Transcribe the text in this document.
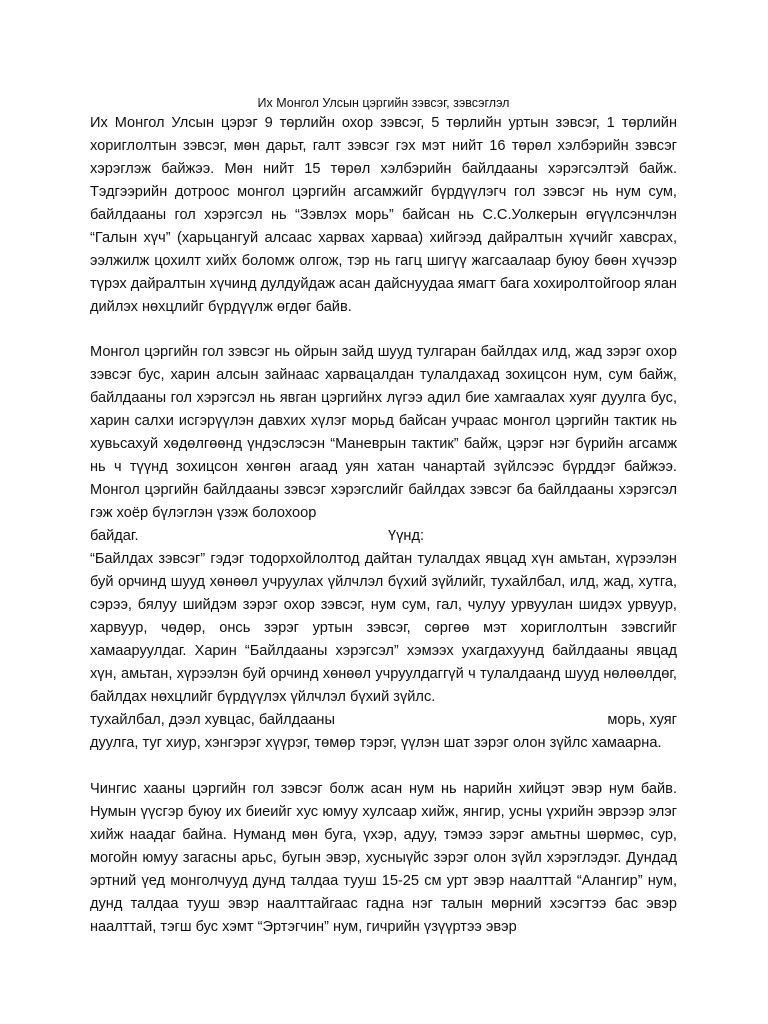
Их Монгол Улсын цэргийн зэвсэг, зэвсэглэл

Их Монгол Улсын цэрэг 9 төрлийн охор зэвсэг, 5 төрлийн уртын зэвсэг, 1 төрлийн хориглолтын зэвсэг, мөн дарьт, галт зэвсэг гэх мэт нийт 16 төрөл хэлбэрийн зэвсэг хэрэглэж байжээ. Мөн нийт 15 төрөл хэлбэрийн байлдааны хэрэгсэлтэй байж. Тэдгээрийн дотроос монгол цэргийн агсамжийг бүрдүүлэгч гол зэвсэг нь нум сум, байлдааны гол хэрэгсэл нь “Зэвлэх морь” байсан нь С.С.Уолкерын өгүүлсэнчлэн “Галын хүч” (харьцангуй алсаас харвах харваа) хийгээд дайралтын хүчийг хавсрах, ээлжилж цохилт хийх боломж олгож, тэр нь гагц шигүү жагсаалаар буюу бөөн хүчээр түрэх дайралтын хүчинд дулдуйдаж асан дайснуудаа ямагт бага хохиролтойгоор ялан дийлэх нөхцлийг бүрдүүлж өгдөг байв.

Монгол цэргийн гол зэвсэг нь ойрын зайд шууд тулгаран байлдах илд, жад зэрэг охор зэвсэг бус, харин алсын зайнаас харвацалдан тулалдахад зохицсон нум, сум байж, байлдааны гол хэрэгсэл нь явган цэргийнх лүгээ адил бие хамгаалах хуяг дуулга бус, харин салхи исгэрүүлэн давхих хүлэг морьд байсан учраас монгол цэргийн тактик нь хувьсахуй хөдөлгөөнд үндэслэсэн “Маневрын тактик” байж, цэрэг нэг бүрийн агсамж нь ч түүнд зохицсон хөнгөн агаад уян хатан чанартай зүйлсээс бүрддэг байжээ. Монгол цэргийн байлдааны зэвсэг хэрэгслийг байлдах зэвсэг ба байлдааны хэрэгсэл гэж хоёр бүлэглэн үзэж болохоор

байдаг.	Үүнд:

“Байлдах зэвсэг” гэдэг тодорхойлолтод дайтан тулалдах явцад хүн амьтан, хүрээлэн буй орчинд шууд хөнөөл учруулах үйлчлэл бүхий зүйлийг, тухайлбал, илд, жад, хутга, сэрээ, бялуу шийдэм зэрэг охор зэвсэг, нум сум, гал, чулуу урвуулан шидэх урвуур, харвуур, чөдөр, онсь зэрэг уртын зэвсэг, сөргөө мэт хориглолтын зэвсгийг хамааруулдаг. Харин “Байлдааны хэрэгсэл” хэмээх ухагдахуунд байлдааны явцад хүн, амьтан, хүрээлэн буй орчинд хөнөөл учруулдаггүй ч тулалдаанд шууд нөлөөлдөг, байлдах нөхцлийг бүрдүүлэх үйлчлэл бүхий зүйлс.

тухайлбал, дээл хувцас, байлдааны	морь, хуяг

дуулга, туг хиур, хэнгэрэг хүүрэг, төмөр тэрэг, үүлэн шат зэрэг олон зүйлс хамаарна.

Чингис хааны цэргийн гол зэвсэг болж асан нум нь нарийн хийцэт эвэр нум байв. Нумын үүсгэр буюу их биеийг хус юмуу хулсаар хийж, янгир, усны үхрийн эврээр элэг хийж наадаг байна. Нуманд мөн буга, үхэр, адуу, тэмээ зэрэг амьтны шөрмөс, сур, могойн юмуу загасны арьс, бугын эвэр, хусныүйс зэрэг олон зүйл хэрэглэдэг. Дундад эртний үед монголчууд дунд талдаа тууш 15-25 см урт эвэр наалттай “Алангир” нум, дунд талдаа тууш эвэр наалттайгаас гадна нэг талын мөрний хэсэгтээ бас эвэр наалттай, тэгш бус хэмт “Эртэгчин” нум, гичрийн үзүүртээ эвэр
